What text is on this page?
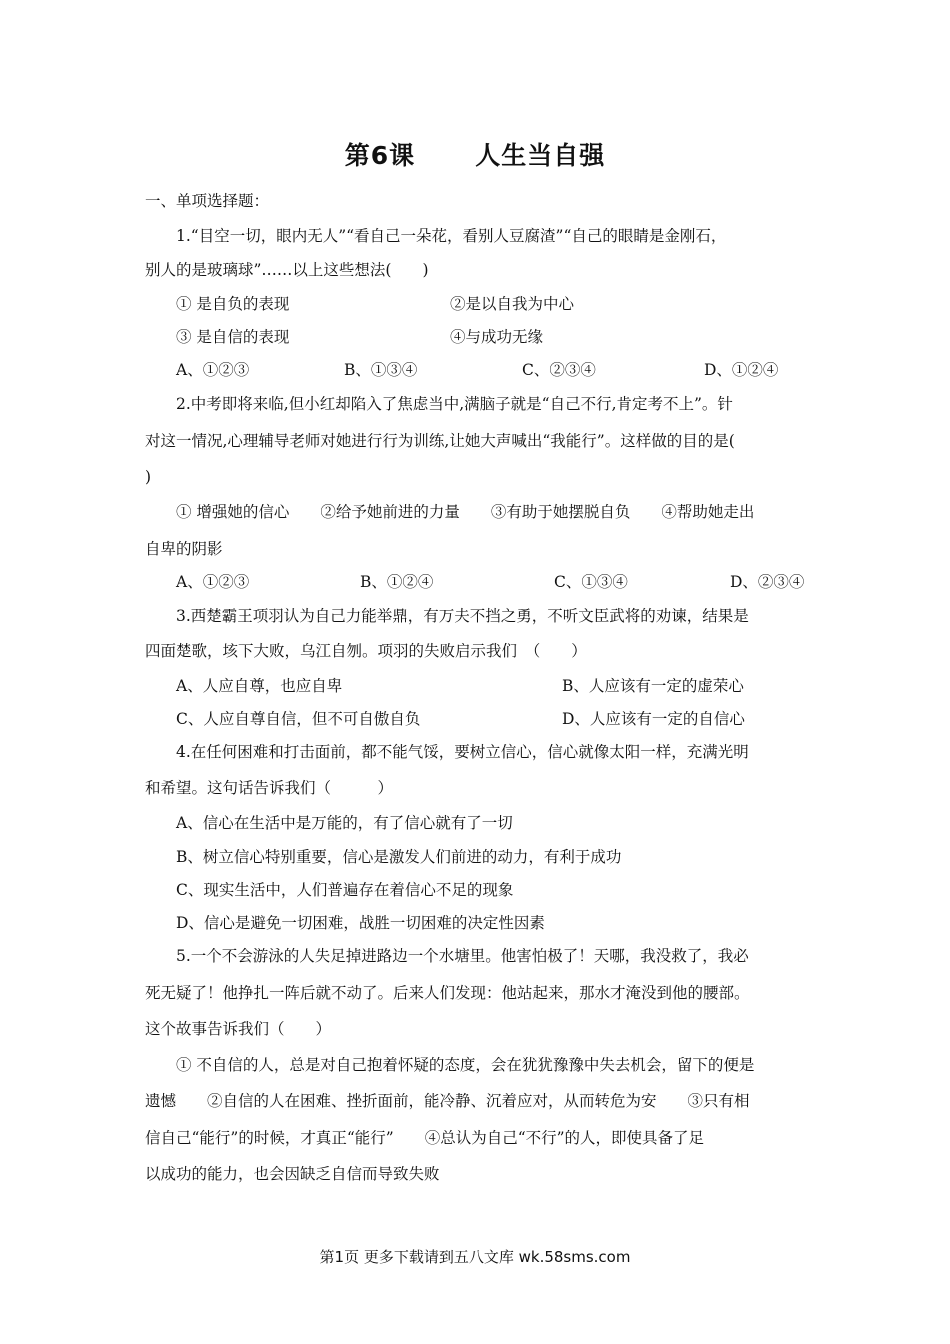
第6课 人生当自强
一、单项选择题：
1.“目空一切，眼内无人”“看自己一朵花，看别人豆腐渣”“自己的眼睛是金刚石，
别人的是玻璃球”……以上这些想法(　　)
① 是自负的表现	②是以自我为中心
③ 是自信的表现	④与成功无缘
A、①②③	B、①③④	C、②③④	D、①②④
2.中考即将来临,但小红却陷入了焦虑当中,满脑子就是“自己不行,肯定考不上”。针
对这一情况,心理辅导老师对她进行行为训练,让她大声喊出“我能行”。这样做的目的是(
)
① 增强她的信心　　②给予她前进的力量　　③有助于她摆脱自负　　④帮助她走出
自卑的阴影
A、①②③	B、①②④	C、①③④	D、②③④
3.西楚霸王项羽认为自己力能举鼎，有万夫不挡之勇，不听文臣武将的劝谏，结果是
四面楚歌，垓下大败，乌江自刎。项羽的失败启示我们　（　　）
A、人应自尊，也应自卑	B、人应该有一定的虚荣心
C、人应自尊自信，但不可自傲自负	D、人应该有一定的自信心
4.在任何困难和打击面前，都不能气馁，要树立信心，信心就像太阳一样，充满光明
和希望。这句话告诉我们（　　　）
A、信心在生活中是万能的，有了信心就有了一切
B、树立信心特别重要，信心是激发人们前进的动力，有利于成功
C、现实生活中，人们普遍存在着信心不足的现象
D、信心是避免一切困难，战胜一切困难的决定性因素
5.一个不会游泳的人失足掉进路边一个水塘里。他害怕极了！天哪，我没救了，我必
死无疑了！他挣扎一阵后就不动了。后来人们发现：他站起来，那水才淹没到他的腰部。
这个故事告诉我们（　　）
① 不自信的人，总是对自己抱着怀疑的态度，会在犹犹豫豫中失去机会，留下的便是
遗憾　　②自信的人在困难、挫折面前，能冷静、沉着应对，从而转危为安　　③只有相
信自己“能行”的时候，才真正“能行”　　④总认为自己“不行”的人，即使具备了足
以成功的能力，也会因缺乏自信而导致失败
第1页 更多下载请到五八文库 wk.58sms.com
